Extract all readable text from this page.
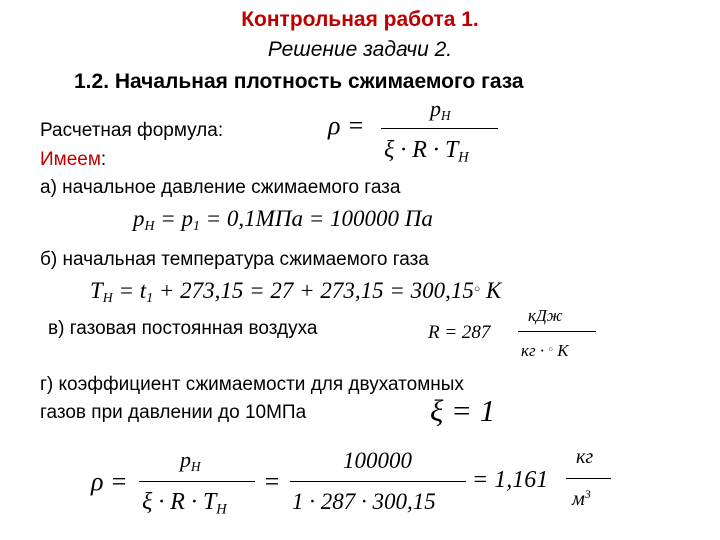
Контрольная работа 1.
Решение задачи 2.
1.2. Начальная плотность сжимаемого газа
Расчетная формула:
Имеем:
ρ =
$p_H$
$\xi \cdot R \cdot T_H$
а) начальное давление сжимаемого газа
$p_H = p_1 = 0,1МПа = 100000$ Па
б) начальная температура сжимаемого газа
$T_H = t_1 + 273,15 = 27 + 273,15 = 300,15^○$ K
в) газовая постоянная воздуха	R = 287
кДж
кг · ○ K
г) коэффициент сжимаемости для двухатомных
газов при давлении до 10МПа	ξ = 1
ρ =
$p_H$
$\xi \cdot R \cdot T_H$
=
100000
1 · 287 · 300,15
= 1,161
кг
$м^3$
